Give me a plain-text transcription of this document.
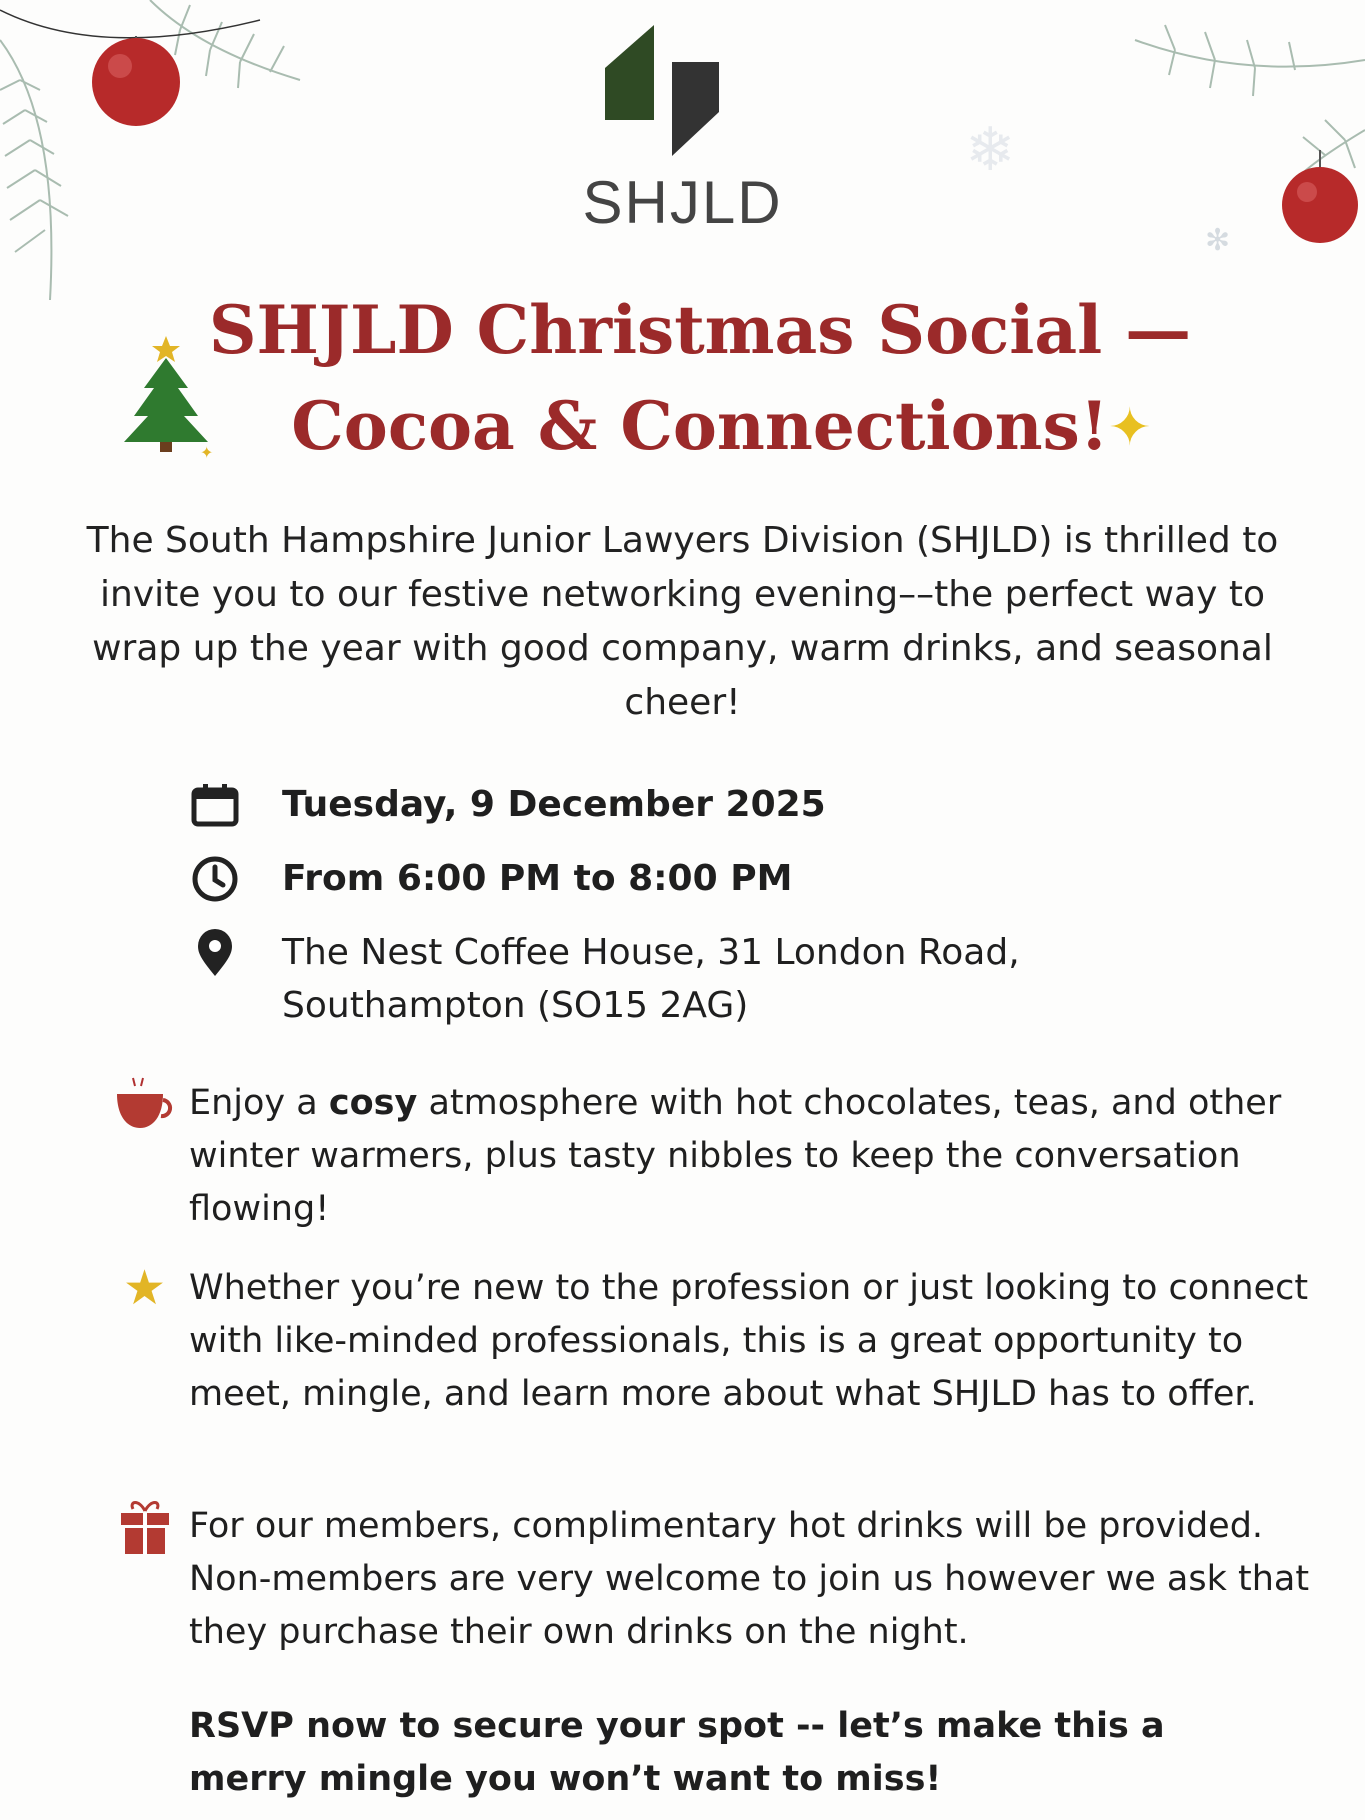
✻
❄
SHJLD
✦
SHJLD Christmas Social —
Cocoa & Connections! ✦
The South Hampshire Junior Lawyers Division (SHJLD) is thrilled to invite you to our festive networking evening––the perfect way to wrap up the year with good company, warm drinks, and seasonal cheer!
Tuesday, 9 December 2025
From 6:00 PM to 8:00 PM
The Nest Coffee House, 31 London Road, Southampton (SO15 2AG)
Enjoy a cosy atmosphere with hot chocolates, teas, and other winter warmers, plus tasty nibbles to keep the conversation flowing!
★ Whether you’re new to the profession or just looking to connect with like-minded professionals, this is a great opportunity to meet, mingle, and learn more about what SHJLD has to offer.
For our members, complimentary hot drinks will be provided. Non-members are very welcome to join us however we ask that they purchase their own drinks on the night.
RSVP now to secure your spot -- let’s make this a merry mingle you won’t want to miss!
